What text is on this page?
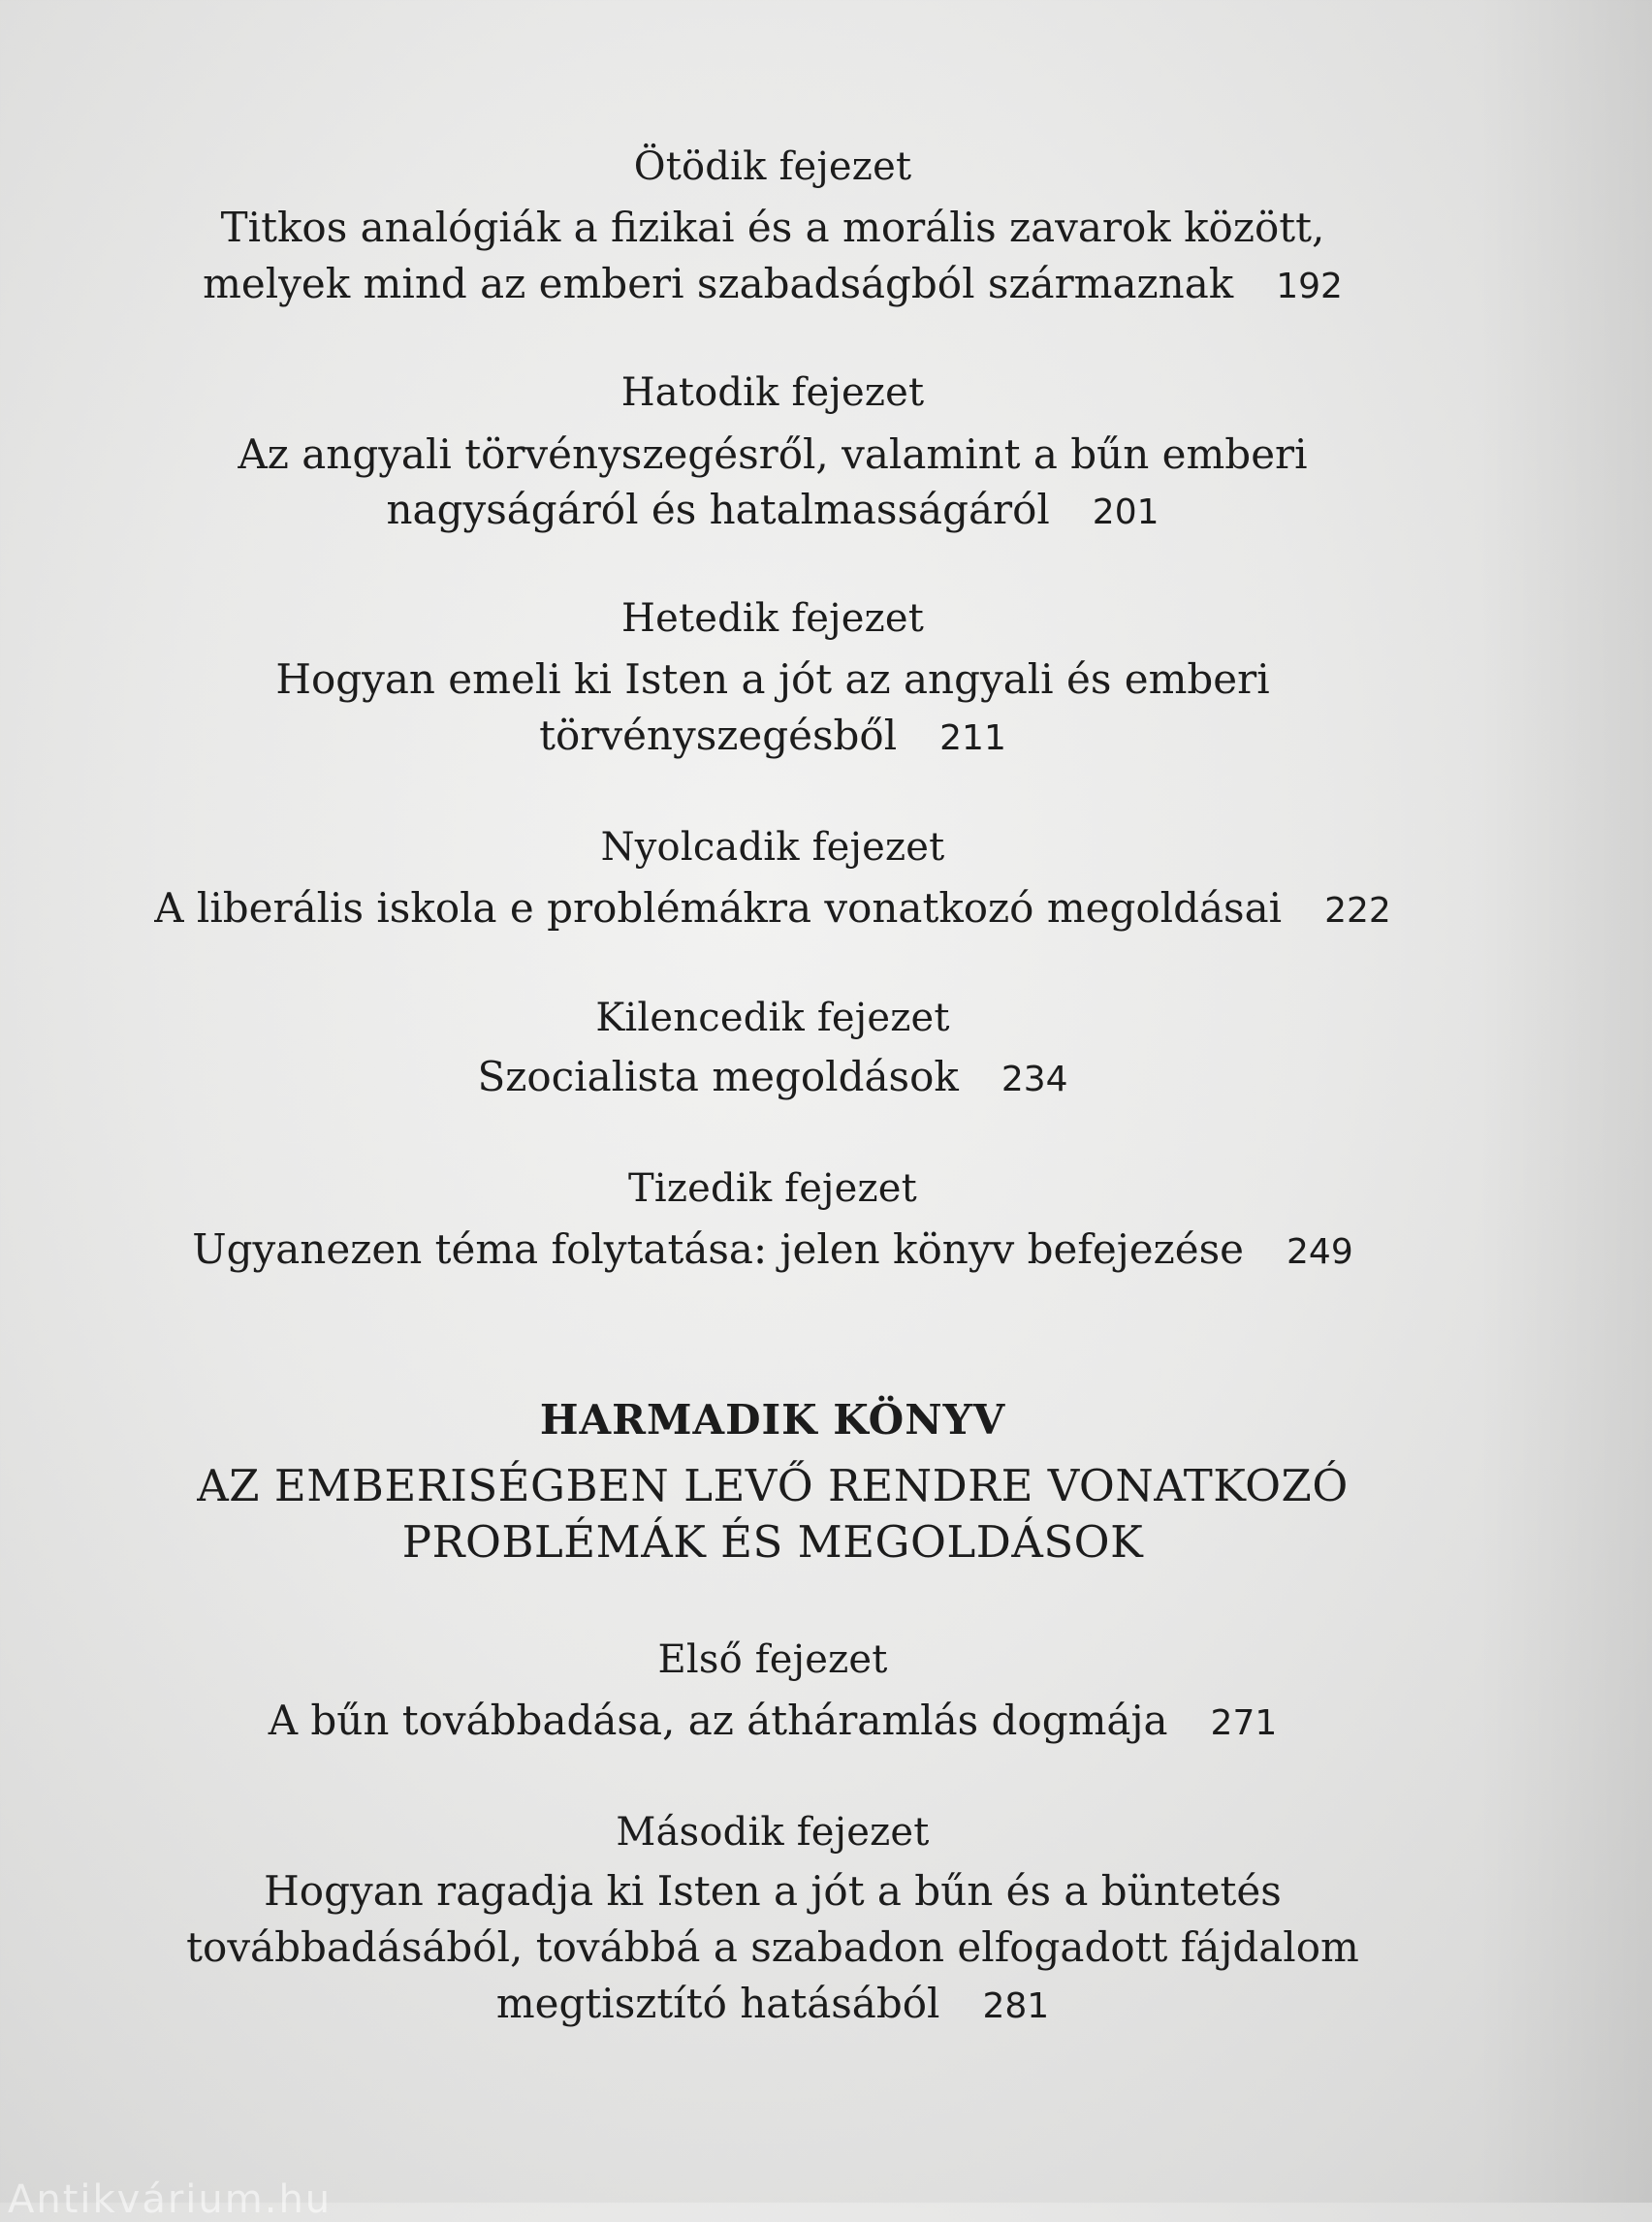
Ötödik fejezet
Titkos analógiák a fizikai és a morális zavarok között,
melyek mind az emberi szabadságból származnak 192
Hatodik fejezet
Az angyali törvényszegésről, valamint a bűn emberi
nagyságáról és hatalmasságáról 201
Hetedik fejezet
Hogyan emeli ki Isten a jót az angyali és emberi
törvényszegésből 211
Nyolcadik fejezet
A liberális iskola e problémákra vonatkozó megoldásai 222
Kilencedik fejezet
Szocialista megoldások 234
Tizedik fejezet
Ugyanezen téma folytatása: jelen könyv befejezése 249
HARMADIK KÖNYV
AZ EMBERISÉGBEN LEVŐ RENDRE VONATKOZÓ
PROBLÉMÁK ÉS MEGOLDÁSOK
Első fejezet
A bűn továbbadása, az átháramlás dogmája 271
Második fejezet
Hogyan ragadja ki Isten a jót a bűn és a büntetés
továbbadásából, továbbá a szabadon elfogadott fájdalom
megtisztító hatásából 281
Antikvárium.hu
